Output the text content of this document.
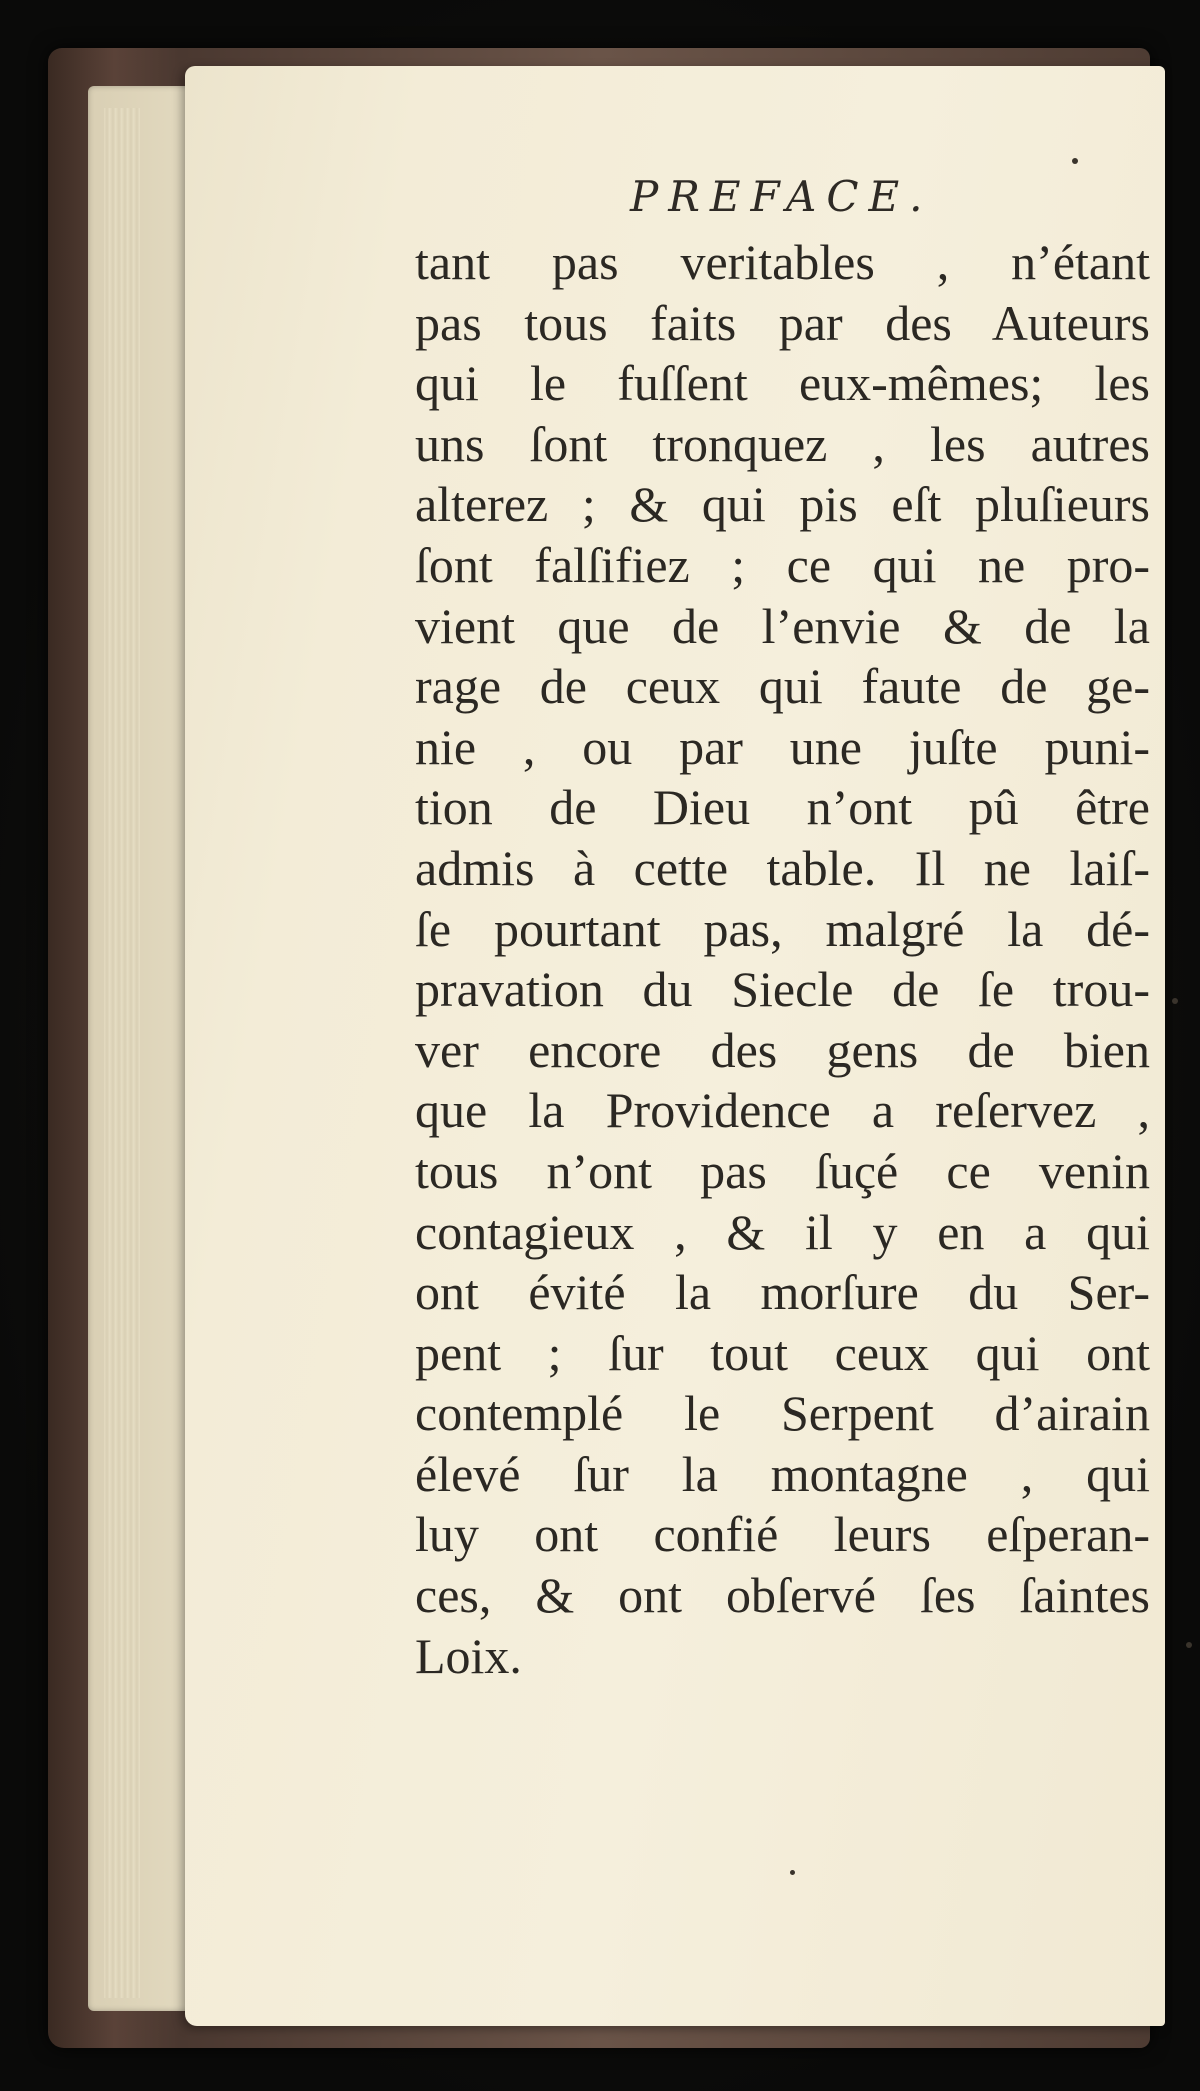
PREFACE.
tant pas veritables , n’étant
pas tous faits par des Auteurs
qui le fuſſent eux-mêmes; les
uns ſont tronquez , les autres
alterez ; & qui pis eſt pluſieurs
ſont falſifiez ; ce qui ne pro-
vient que de l’envie & de la
rage de ceux qui faute de ge-
nie , ou par une juſte puni-
tion de Dieu n’ont pû être
admis à cette table. Il ne laiſ-
ſe pourtant pas, malgré la dé-
pravation du Siecle de ſe trou-
ver encore des gens de bien
que la Providence a reſervez ,
tous n’ont pas ſuçé ce venin
contagieux , & il y en a qui
ont évité la morſure du Ser-
pent ; ſur tout ceux qui ont
contemplé le Serpent d’airain
élevé ſur la montagne , qui
luy ont confié leurs eſperan-
ces, & ont obſervé ſes ſaintes
Loix.
